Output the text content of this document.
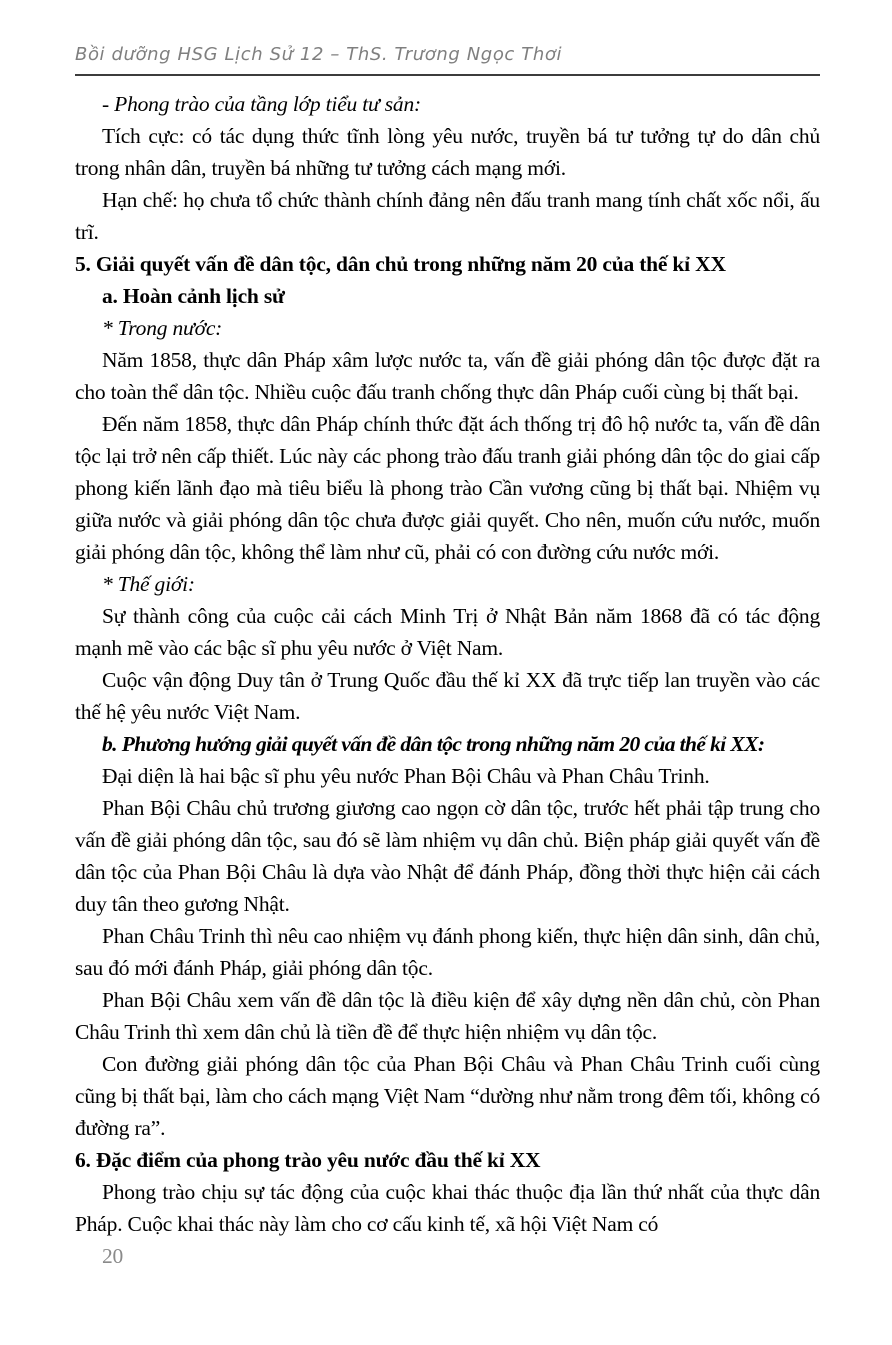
Bồi dưỡng HSG Lịch Sử 12 – ThS. Trương Ngọc Thơi

- Phong trào của tầng lớp tiểu tư sản:

Tích cực: có tác dụng thức tĩnh lòng yêu nước, truyền bá tư tưởng tự do dân chủ trong nhân dân, truyền bá những tư tưởng cách mạng mới.

Hạn chế: họ chưa tổ chức thành chính đảng nên đấu tranh mang tính chất xốc nổi, ấu trĩ.

5. Giải quyết vấn đề dân tộc, dân chủ trong những năm 20 của thế kỉ XX

a. Hoàn cảnh lịch sử

* Trong nước:

Năm 1858, thực dân Pháp xâm lược nước ta, vấn đề giải phóng dân tộc được đặt ra cho toàn thể dân tộc. Nhiều cuộc đấu tranh chống thực dân Pháp cuối cùng bị thất bại.

Đến năm 1858, thực dân Pháp chính thức đặt ách thống trị đô hộ nước ta, vấn đề dân tộc lại trở nên cấp thiết. Lúc này các phong trào đấu tranh giải phóng dân tộc do giai cấp phong kiến lãnh đạo mà tiêu biểu là phong trào Cần vương cũng bị thất bại. Nhiệm vụ giữa nước và giải phóng dân tộc chưa được giải quyết. Cho nên, muốn cứu nước, muốn giải phóng dân tộc, không thể làm như cũ, phải có con đường cứu nước mới.

* Thế giới:

Sự thành công của cuộc cải cách Minh Trị ở Nhật Bản năm 1868 đã có tác động mạnh mẽ vào các bậc sĩ phu yêu nước ở Việt Nam.

Cuộc vận động Duy tân ở Trung Quốc đầu thế kỉ XX đã trực tiếp lan truyền vào các thế hệ yêu nước Việt Nam.

b. Phương hướng giải quyết vấn đề dân tộc trong những năm 20 của thế kỉ XX:

Đại diện là hai bậc sĩ phu yêu nước Phan Bội Châu và Phan Châu Trinh.

Phan Bội Châu chủ trương giương cao ngọn cờ dân tộc, trước hết phải tập trung cho vấn đề giải phóng dân tộc, sau đó sẽ làm nhiệm vụ dân chủ. Biện pháp giải quyết vấn đề dân tộc của Phan Bội Châu là dựa vào Nhật để đánh Pháp, đồng thời thực hiện cải cách duy tân theo gương Nhật.

Phan Châu Trinh thì nêu cao nhiệm vụ đánh phong kiến, thực hiện dân sinh, dân chủ, sau đó mới đánh Pháp, giải phóng dân tộc.

Phan Bội Châu xem vấn đề dân tộc là điều kiện để xây dựng nền dân chủ, còn Phan Châu Trinh thì xem dân chủ là tiền đề để thực hiện nhiệm vụ dân tộc.

Con đường giải phóng dân tộc của Phan Bội Châu và Phan Châu Trinh cuối cùng cũng bị thất bại, làm cho cách mạng Việt Nam “dường như nằm trong đêm tối, không có đường ra”.

6. Đặc điểm của phong trào yêu nước đầu thế kỉ XX

Phong trào chịu sự tác động của cuộc khai thác thuộc địa lần thứ nhất của thực dân Pháp. Cuộc khai thác này làm cho cơ cấu kinh tế, xã hội Việt Nam có

20
